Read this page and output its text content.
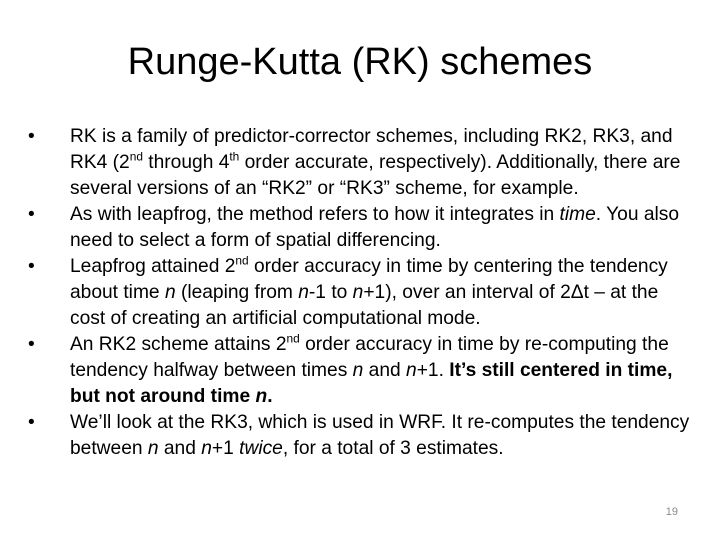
Runge-Kutta (RK) schemes
• RK is a family of predictor-corrector schemes, including RK2, RK3, and RK4 (2nd through 4th order accurate, respectively). Additionally, there are several versions of an “RK2” or “RK3” scheme, for example.
• As with leapfrog, the method refers to how it integrates in time. You also need to select a form of spatial differencing.
• Leapfrog attained 2nd order accuracy in time by centering the tendency about time n (leaping from n-1 to n+1), over an interval of 2Δt – at the cost of creating an artificial computational mode.
• An RK2 scheme attains 2nd order accuracy in time by re-computing the tendency halfway between times n and n+1. It’s still centered in time, but not around time n.
• We’ll look at the RK3, which is used in WRF. It re-computes the tendency between n and n+1 twice, for a total of 3 estimates.
19
